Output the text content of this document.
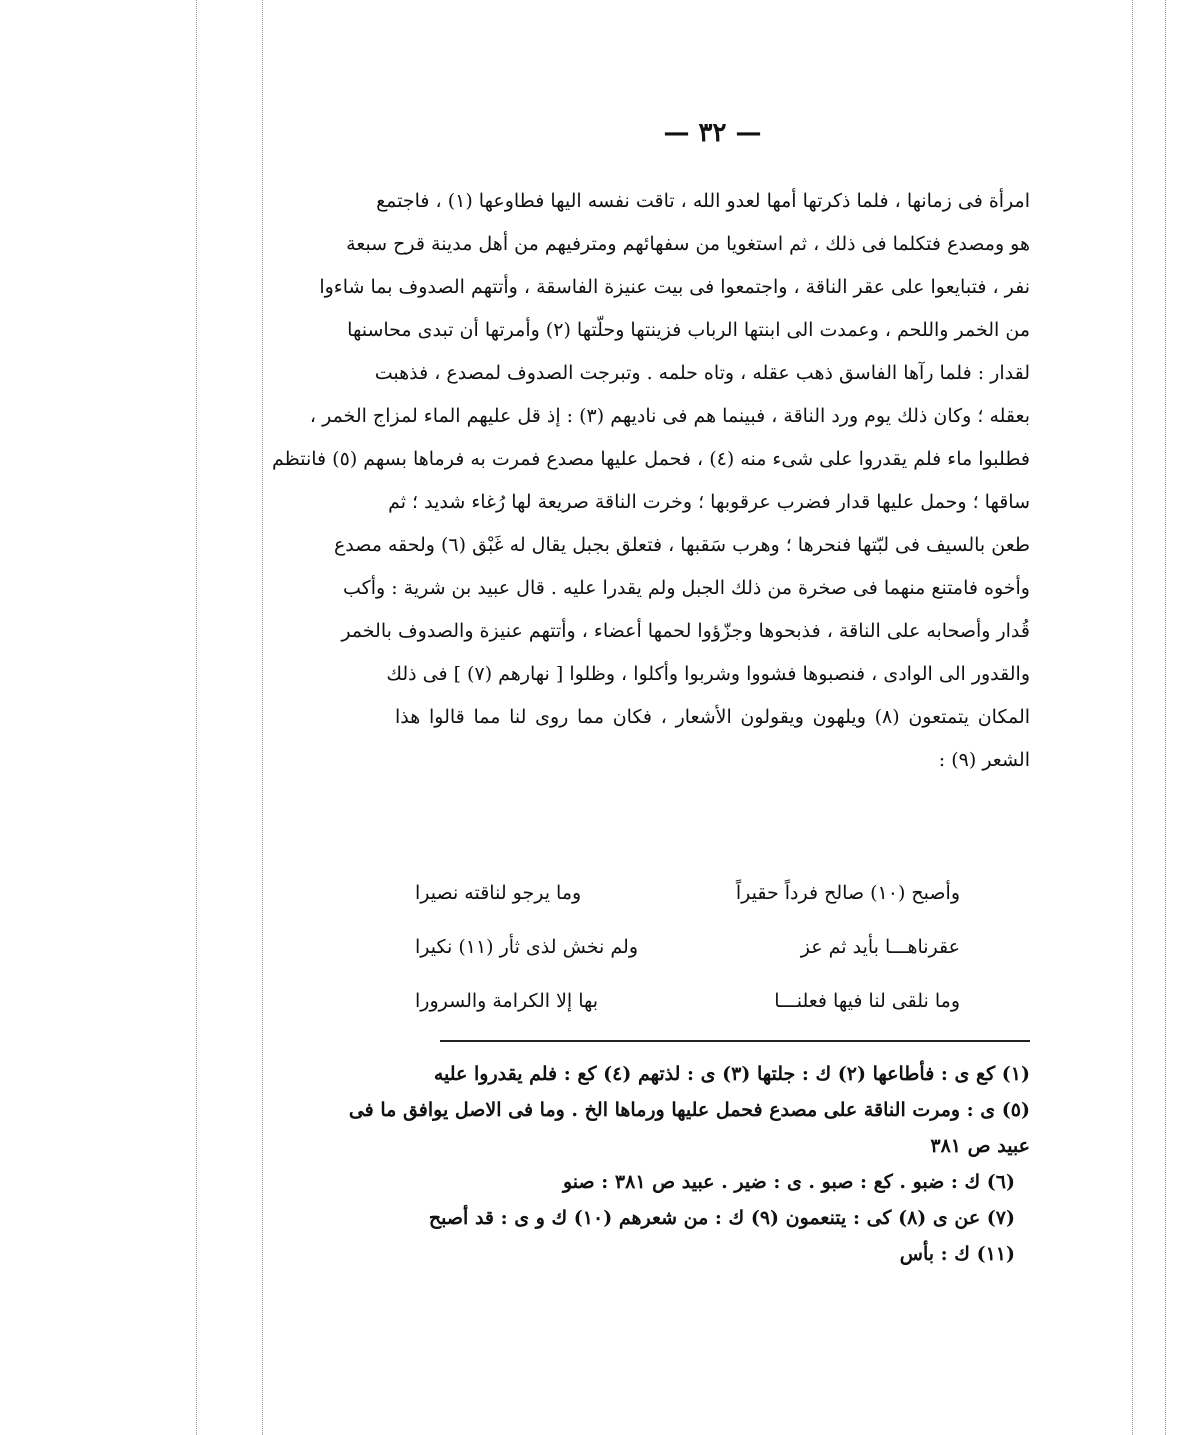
— ٣٢ —
امرأة فى زمانها ، فلما ذكرتها أمها لعدو الله ، تاقت نفسه اليها فطاوعها (١) ، فاجتمع
هو ومصدع فتكلما فى ذلك ، ثم استغويا من سفهائهم ومترفيهم من أهل مدينة قرح سبعة
نفر ، فتبايعوا على عقر الناقة ، واجتمعوا فى بيت عنيزة الفاسقة ، وأتتهم الصدوف بما شاءوا
من الخمر واللحم ، وعمدت الى ابنتها الرباب فزينتها وحلّتها (٢) وأمرتها أن تبدى محاسنها
لقدار : فلما رآها الفاسق ذهب عقله ، وتاه حلمه . وتبرجت الصدوف لمصدع ، فذهبت
بعقله ؛ وكان ذلك يوم ورد الناقة ، فبينما هم فى ناديهم (٣) : إذ قل عليهم الماء لمزاج الخمر ،
فطلبوا ماء فلم يقدروا على شىء منه (٤) ، فحمل عليها مصدع فمرت به فرماها بسهم (٥) فانتظم
ساقها ؛ وحمل عليها قدار فضرب عرقوبها ؛ وخرت الناقة صريعة لها رُغاء شديد ؛ ثم
طعن بالسيف فى لبّتها فنحرها ؛ وهرب سَقبها ، فتعلق بجبل يقال له غَبْق (٦) ولحقه مصدع
وأخوه فامتنع منهما فى صخرة من ذلك الجبل ولم يقدرا عليه . قال عبيد بن شرية : وأكب
قُدار وأصحابه على الناقة ، فذبحوها وجزّؤوا لحمها أعضاء ، وأتتهم عنيزة والصدوف بالخمر
والقدور الى الوادى ، فنصبوها فشووا وشربوا وأكلوا ، وظلوا [ نهارهم (٧) ] فى ذلك
المكان يتمتعون (٨) ويلهون ويقولون الأشعار ، فكان مما روى لنا مما قالوا هذا
الشعر (٩) :
وأصبح (١٠) صالح فرداً حقيراً
وما يرجو لناقته نصيرا
عقرناهـــا بأيد ثم عز
ولم نخش لذى ثأر (١١) نكيرا
وما نلقى لنا فيها فعلنـــا
بها إلا الكرامة والسرورا
(١) كع ى : فأطاعها (٢) ك : جلتها (٣) ى : لذتهم (٤) كع : فلم يقدروا عليه
(٥) ى : ومرت الناقة على مصدع فحمل عليها ورماها الخ . وما فى الاصل يوافق ما فى
عبيد ص ٣٨١
(٦) ك : ضبو . كع : صبو . ى : ضير . عبيد ص ٣٨١ : صنو
(٧) عن ى (٨) كى : يتنعمون (٩) ك : من شعرهم (١٠) ك و ى : قد أصبح
(١١) ك : بأس
